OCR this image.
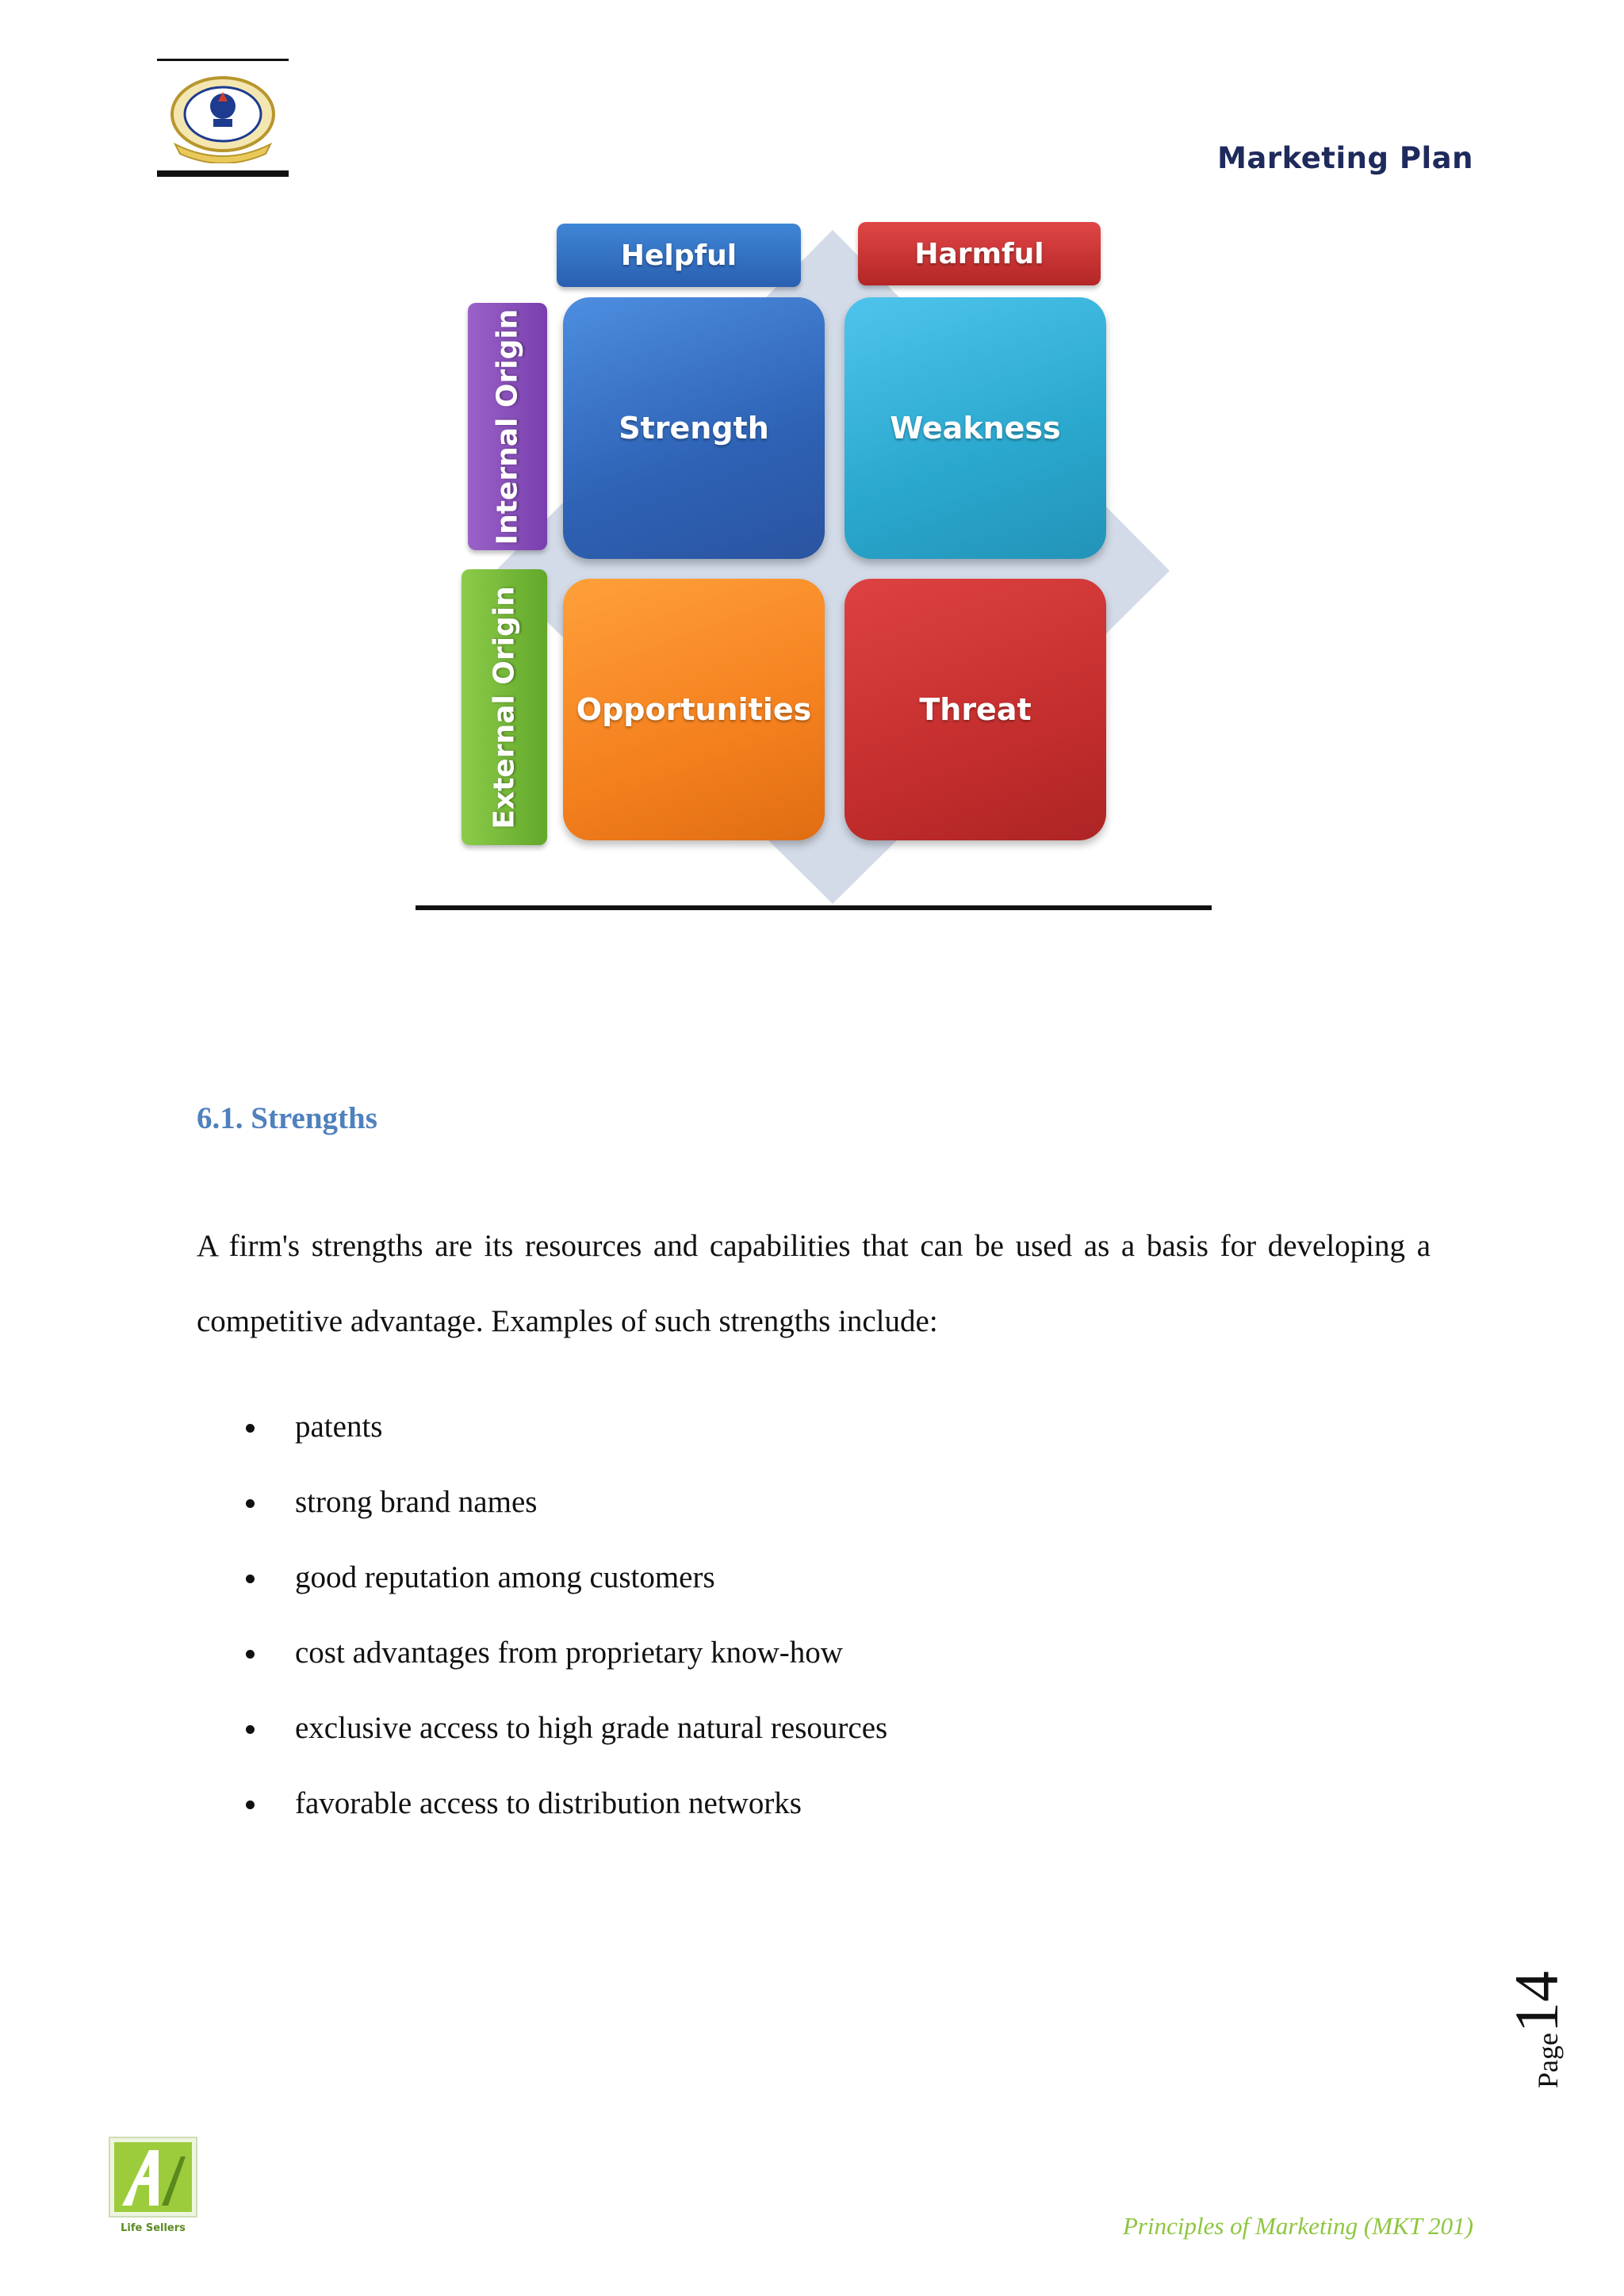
Marketing Plan
Helpful	Harmful
Internal Origin
External Origin
Strength	Weakness
Opportunities	Threat
6.1. Strengths
A firm's strengths are its resources and capabilities that can be used as a basis for developing a competitive advantage. Examples of such strengths include:
patents
strong brand names
good reputation among customers
cost advantages from proprietary know-how
exclusive access to high grade natural resources
favorable access to distribution networks
Page14
Life Sellers	Principles of Marketing (MKT 201)
